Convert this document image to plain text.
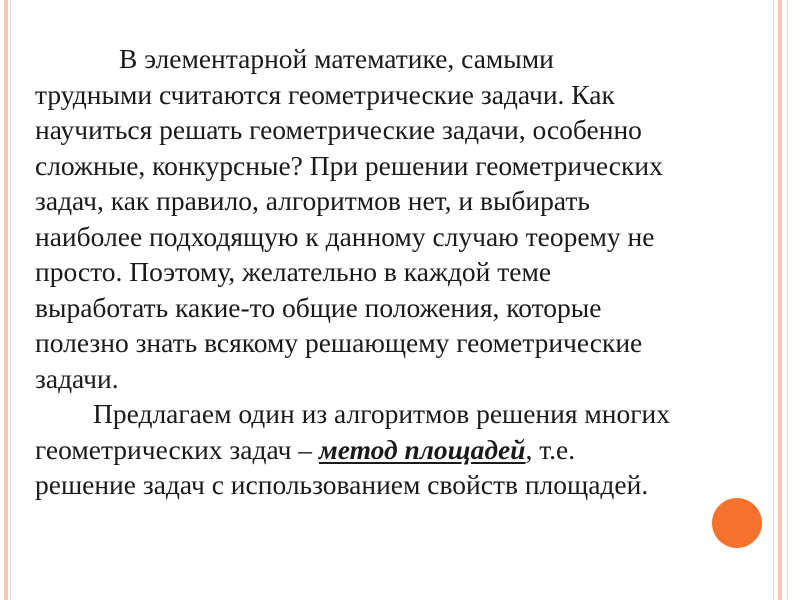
В элементарной математике, самыми
трудными считаются геометрические задачи. Как
научиться решать геометрические задачи, особенно
сложные, конкурсные? При решении геометрических
задач, как правило, алгоритмов нет, и выбирать
наиболее подходящую к данному случаю теорему не
просто. Поэтому, желательно в каждой теме
выработать какие-то общие положения, которые
полезно знать всякому решающему геометрические
задачи.
Предлагаем один из алгоритмов решения многих
геометрических задач – метод площадей, т.е.
решение задач с использованием свойств площадей.
